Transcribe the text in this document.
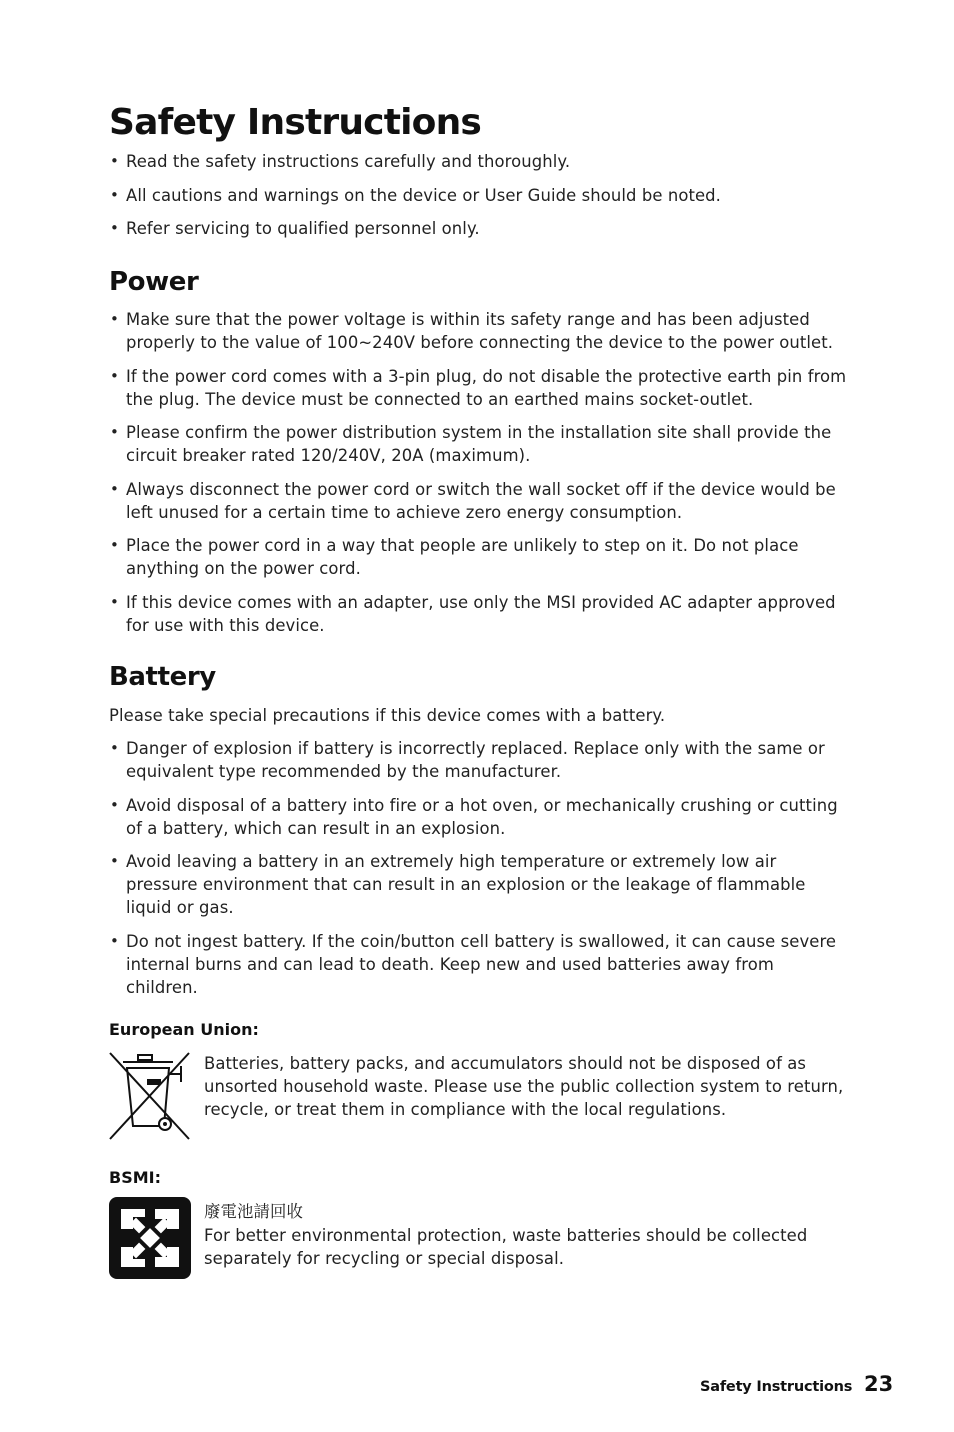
Safety Instructions
• Read the safety instructions carefully and thoroughly.
• All cautions and warnings on the device or User Guide should be noted.
• Refer servicing to qualified personnel only.
Power
• Make sure that the power voltage is within its safety range and has been adjusted properly to the value of 100~240V before connecting the device to the power outlet.
• If the power cord comes with a 3-pin plug, do not disable the protective earth pin from the plug. The device must be connected to an earthed mains socket-outlet.
• Please confirm the power distribution system in the installation site shall provide the circuit breaker rated 120/240V, 20A (maximum).
• Always disconnect the power cord or switch the wall socket off if the device would be left unused for a certain time to achieve zero energy consumption.
• Place the power cord in a way that people are unlikely to step on it. Do not place anything on the power cord.
• If this device comes with an adapter, use only the MSI provided AC adapter approved for use with this device.
Battery

Please take special precautions if this device comes with a battery.

• Danger of explosion if battery is incorrectly replaced. Replace only with the same or equivalent type recommended by the manufacturer.
• Avoid disposal of a battery into fire or a hot oven, or mechanically crushing or cutting of a battery, which can result in an explosion.
• Avoid leaving a battery in an extremely high temperature or extremely low air pressure environment that can result in an explosion or the leakage of flammable liquid or gas.
• Do not ingest battery. If the coin/button cell battery is swallowed, it can cause severe internal burns and can lead to death. Keep new and used batteries away from children.
European Union:

Batteries, battery packs, and accumulators should not be disposed of as unsorted household waste. Please use the public collection system to return, recycle, or treat them in compliance with the local regulations.

BSMI:

廢電池請回收

For better environmental protection, waste batteries should be collected separately for recycling or special disposal.

Safety Instructions 23
